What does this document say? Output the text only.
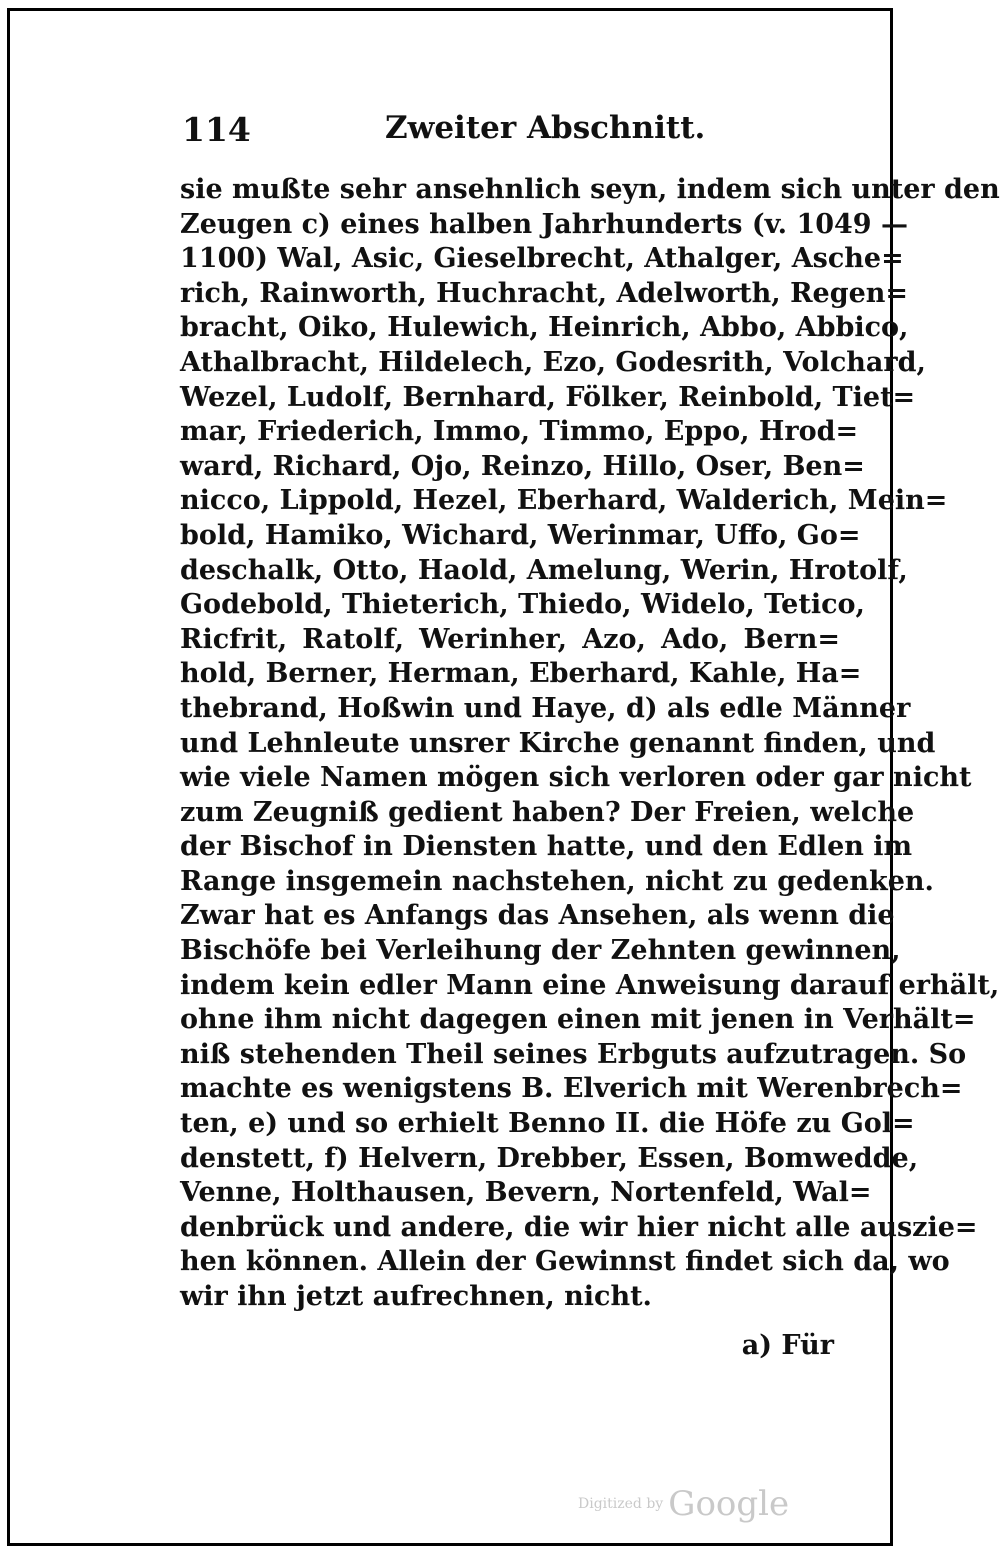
114	Zweiter Abschnitt.
sie mußte sehr ansehnlich seyn, indem sich unter den
Zeugen c) eines halben Jahrhunderts (v. 1049 —
1100) Wal, Asic, Gieselbrecht, Athalger, Asche=
rich, Rainworth, Huchracht, Adelworth, Regen=
bracht, Oiko, Hulewich, Heinrich, Abbo, Abbico,
Athalbracht, Hildelech, Ezo, Godesrith, Volchard,
Wezel, Ludolf, Bernhard, Fölker, Reinbold, Tiet=
mar, Friederich, Immo, Timmo, Eppo, Hrod=
ward, Richard, Ojo, Reinzo, Hillo, Oser, Ben=
nicco, Lippold, Hezel, Eberhard, Walderich, Mein=
bold, Hamiko, Wichard, Werinmar, Uffo, Go=
deschalk, Otto, Haold, Amelung, Werin, Hrotolf,
Godebold, Thieterich, Thiedo, Widelo, Tetico,
Ricfrit, Ratolf, Werinher, Azo, Ado, Bern=
hold, Berner, Herman, Eberhard, Kahle, Ha=
thebrand, Hoßwin und Haye, d) als edle Männer
und Lehnleute unsrer Kirche genannt finden, und
wie viele Namen mögen sich verloren oder gar nicht
zum Zeugniß gedient haben? Der Freien, welche
der Bischof in Diensten hatte, und den Edlen im
Range insgemein nachstehen, nicht zu gedenken.
Zwar hat es Anfangs das Ansehen, als wenn die
Bischöfe bei Verleihung der Zehnten gewinnen,
indem kein edler Mann eine Anweisung darauf erhält,
ohne ihm nicht dagegen einen mit jenen in Verhält=
niß stehenden Theil seines Erbguts aufzutragen. So
machte es wenigstens B. Elverich mit Werenbrech=
ten, e) und so erhielt Benno II. die Höfe zu Gol=
denstett, f) Helvern, Drebber, Essen, Bomwedde,
Venne, Holthausen, Bevern, Nortenfeld, Wal=
denbrück und andere, die wir hier nicht alle auszie=
hen können. Allein der Gewinnst findet sich da, wo
wir ihn jetzt aufrechnen, nicht.
a) Für
Digitized by Google
